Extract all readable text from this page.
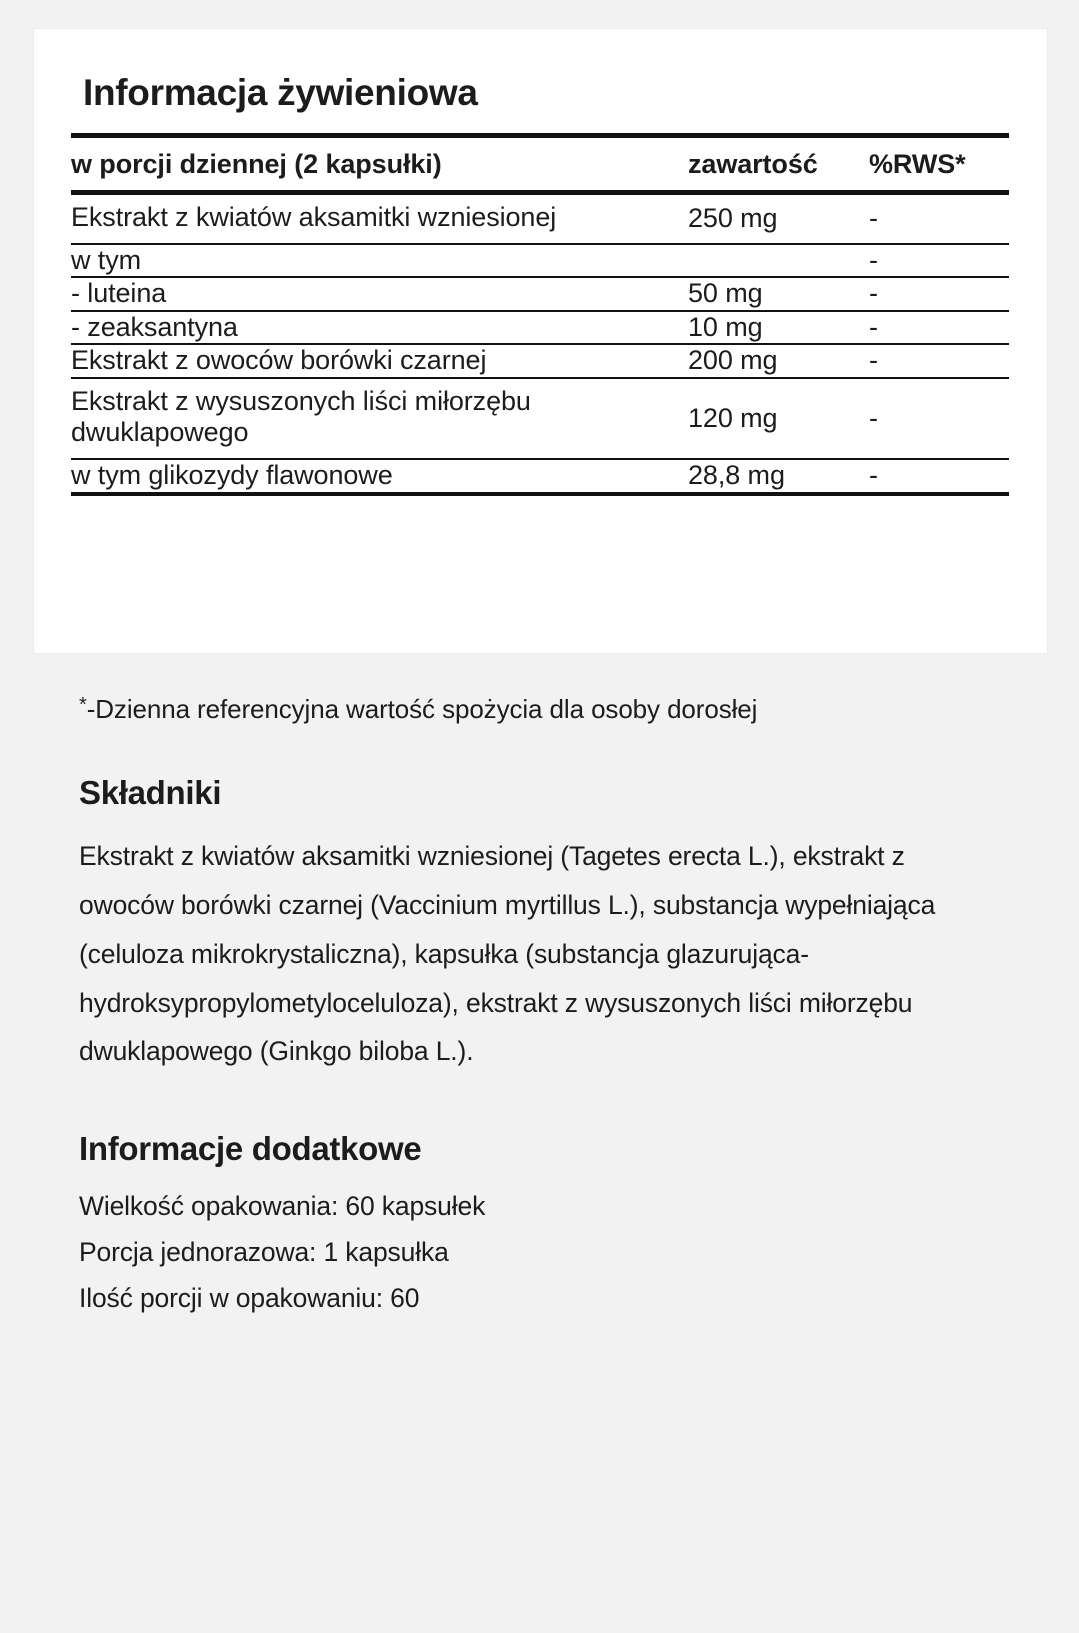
Informacja żywieniowa
w porcji dziennej (2 kapsułki)	zawartość	%RWS*
Ekstrakt z kwiatów aksamitki wzniesionej	250 mg	-
w tym		-
- luteina	50 mg	-
- zeaksantyna	10 mg	-
Ekstrakt z owoców borówki czarnej	200 mg	-
Ekstrakt z wysuszonych liści miłorzębu dwuklapowego	120 mg	-
w tym glikozydy flawonowe	28,8 mg	-

*-Dzienna referencyjna wartość spożycia dla osoby dorosłej

Składniki

Ekstrakt z kwiatów aksamitki wzniesionej (Tagetes erecta L.), ekstrakt z owoców borówki czarnej (Vaccinium myrtillus L.), substancja wypełniająca (celuloza mikrokrystaliczna), kapsułka (substancja glazurująca-hydroksypropylometyloceluloza), ekstrakt z wysuszonych liści miłorzębu dwuklapowego (Ginkgo biloba L.).

Informacje dodatkowe
Wielkość opakowania: 60 kapsułek
Porcja jednorazowa: 1 kapsułka
Ilość porcji w opakowaniu: 60
